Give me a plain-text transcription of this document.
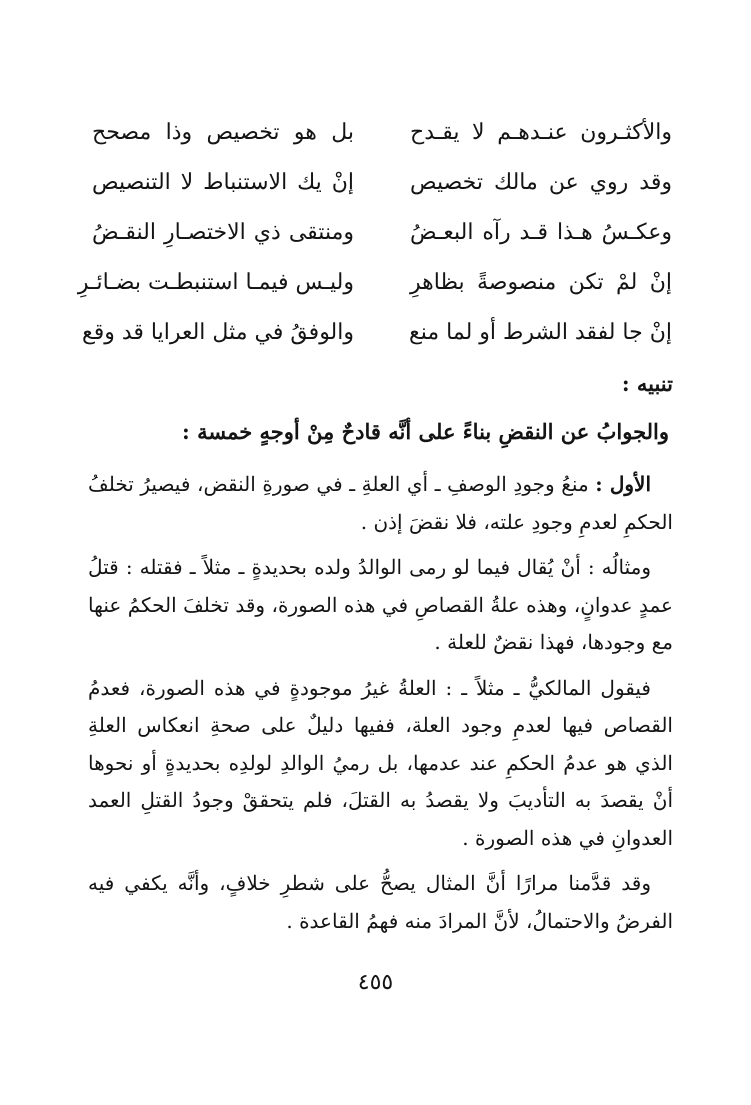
والأكثـرون عنـدهـم لا يقـدح
بل هو تخصيص وذا مصحح
وقد روي عن مالك تخصيص
إنْ يك الاستنباط لا التنصيص
وعكـسُ هـذا قـد رآه البعـضُ
ومنتقى ذي الاختصـارِ النقـضُ
إنْ لمْ تكن منصوصةً بظاهرِ
وليـس فيمـا استنبطـت بضـائـرِ
إنْ جا لفقد الشرط أو لما منع
والوفقُ في مثل العرايا قد وقع
تنبيه :
والجوابُ عن النقضِ بناءً على أنَّه قادحٌ مِنْ أوجهٍ خمسة :

الأول : منعُ وجودِ الوصفِ ـ أي العلةِ ـ في صورةِ النقض، فيصيرُ تخلفُ الحكمِ لعدمِ وجودِ علته، فلا نقضَ إذن .

ومثالُه : أنْ يُقال فيما لو رمى الوالدُ ولده بحديدةٍ ـ مثلاً ـ فقتله : قتلُ عمدٍ عدوانٍ، وهذه علةُ القصاصِ في هذه الصورة، وقد تخلفَ الحكمُ عنها مع وجودها، فهذا نقضٌ للعلة .

فيقول المالكيُّ ـ مثلاً ـ : العلةُ غيرُ موجودةٍ في هذه الصورة، فعدمُ القصاص فيها لعدمِ وجود العلة، ففيها دليلٌ على صحةِ انعكاس العلةِ الذي هو عدمُ الحكمِ عند عدمها، بل رميُ الوالدِ لولدِه بحديدةٍ أو نحوها أنْ يقصدَ به التأديبَ ولا يقصدُ به القتلَ، فلم يتحققْ وجودُ القتلِ العمد العدوانِ في هذه الصورة .

وقد قدَّمنا مرارًا أنَّ المثال يصحُّ على شطرِ خلافٍ، وأنَّه يكفي فيه الفرضُ والاحتمالُ، لأنَّ المرادَ منه فهمُ القاعدة .

٤٥٥
